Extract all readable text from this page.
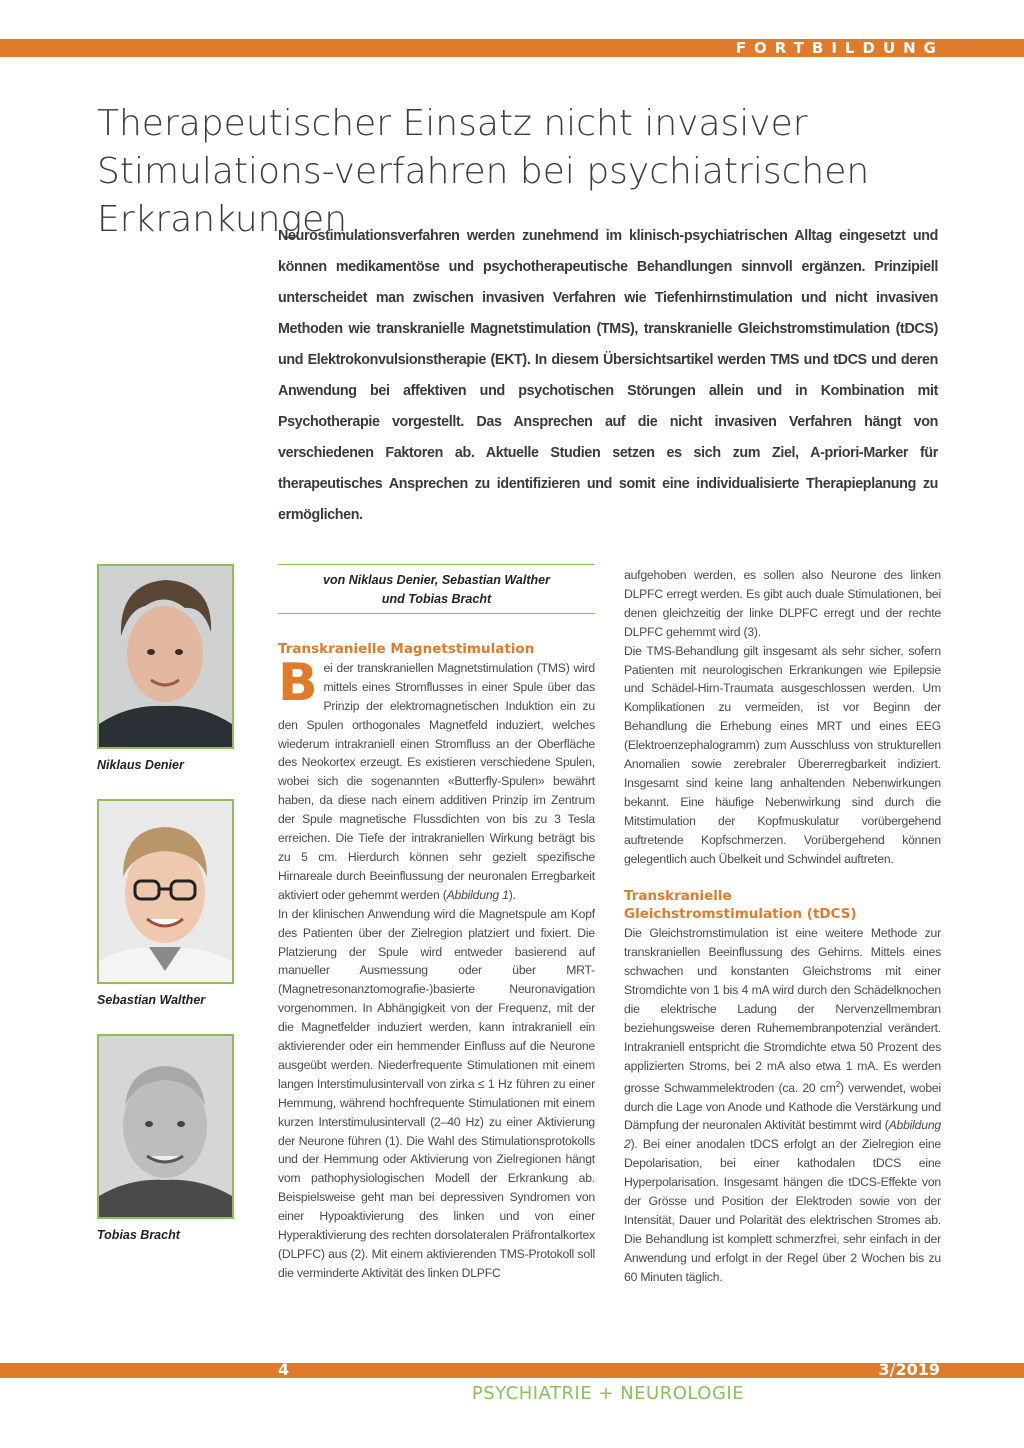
FORTBILDUNG
Therapeutischer Einsatz nicht invasiver Stimulations-verfahren bei psychiatrischen Erkrankungen

Neurostimulationsverfahren werden zunehmend im klinisch-psychiatrischen Alltag eingesetzt und können medikamentöse und psychotherapeutische Behandlungen sinnvoll ergänzen. Prinzipiell unterscheidet man zwischen invasiven Verfahren wie Tiefenhirnstimulation und nicht invasiven Methoden wie transkranielle Magnetstimulation (TMS), transkranielle Gleichstromstimulation (tDCS) und Elektrokonvulsionstherapie (EKT). In diesem Übersichtsartikel werden TMS und tDCS und deren Anwendung bei affektiven und psychotischen Störungen allein und in Kombination mit Psychotherapie vorgestellt. Das Ansprechen auf die nicht invasiven Verfahren hängt von verschiedenen Faktoren ab. Aktuelle Studien setzen es sich zum Ziel, A-priori-Marker für therapeutisches Ansprechen zu identifizieren und somit eine individualisierte Therapieplanung zu ermöglichen.

Niklaus Denier
Sebastian Walther
Tobias Bracht
von Niklaus Denier, Sebastian Walther
und Tobias Bracht
Transkranielle Magnetstimulation

Bei der transkraniellen Magnetstimulation (TMS) wird mittels eines Stromflusses in einer Spule über das Prinzip der elektromagnetischen Induktion ein zu den Spulen orthogonales Magnetfeld induziert, welches wiederum intrakraniell einen Stromfluss an der Oberfläche des Neokortex erzeugt. Es existieren verschiedene Spulen, wobei sich die sogenannten «Butterfly-Spulen» bewährt haben, da diese nach einem additiven Prinzip im Zentrum der Spule magnetische Flussdichten von bis zu 3 Tesla erreichen. Die Tiefe der intrakraniellen Wirkung beträgt bis zu 5 cm. Hierdurch können sehr gezielt spezifische Hirnareale durch Beeinflussung der neuronalen Erregbarkeit aktiviert oder gehemmt werden (Abbildung 1).

In der klinischen Anwendung wird die Magnetspule am Kopf des Patienten über der Zielregion platziert und fixiert. Die Platzierung der Spule wird entweder basierend auf manueller Ausmessung oder über MRT-(Magnetresonanztomografie-)basierte Neuronavigation vorgenommen. In Abhängigkeit von der Frequenz, mit der die Magnetfelder induziert werden, kann intrakraniell ein aktivierender oder ein hemmender Einfluss auf die Neurone ausgeübt werden. Niederfrequente Stimulationen mit einem langen Interstimulusintervall von zirka ≤ 1 Hz führen zu einer Hemmung, während hochfrequente Stimulationen mit einem kurzen Interstimulusintervall (2–40 Hz) zu einer Aktivierung der Neurone führen (1). Die Wahl des Stimulationsprotokolls und der Hemmung oder Aktivierung von Zielregionen hängt vom pathophysiologischen Modell der Erkrankung ab. Beispielsweise geht man bei depressiven Syndromen von einer Hypoaktivierung des linken und von einer Hyperaktivierung des rechten dorsolateralen Präfrontalkortex (DLPFC) aus (2). Mit einem aktivierenden TMS-Protokoll soll die verminderte Aktivität des linken DLPFC

aufgehoben werden, es sollen also Neurone des linken DLPFC erregt werden. Es gibt auch duale Stimulationen, bei denen gleichzeitig der linke DLPFC erregt und der rechte DLPFC gehemmt wird (3).

Die TMS-Behandlung gilt insgesamt als sehr sicher, sofern Patienten mit neurologischen Erkrankungen wie Epilepsie und Schädel-Hirn-Traumata ausgeschlossen werden. Um Komplikationen zu vermeiden, ist vor Beginn der Behandlung die Erhebung eines MRT und eines EEG (Elektroenzephalogramm) zum Ausschluss von strukturellen Anomalien sowie zerebraler Übererregbarkeit indiziert. Insgesamt sind keine lang anhaltenden Nebenwirkungen bekannt. Eine häufige Nebenwirkung sind durch die Mitstimulation der Kopfmuskulatur vorübergehend auftretende Kopfschmerzen. Vorübergehend können gelegentlich auch Übelkeit und Schwindel auftreten.

Transkranielle
Gleichstromstimulation (tDCS)

Die Gleichstromstimulation ist eine weitere Methode zur transkraniellen Beeinflussung des Gehirns. Mittels eines schwachen und konstanten Gleichstroms mit einer Stromdichte von 1 bis 4 mA wird durch den Schädelknochen die elektrische Ladung der Nervenzellmembran beziehungsweise deren Ruhemembranpotenzial verändert. Intrakraniell entspricht die Stromdichte etwa 50 Prozent des applizierten Stroms, bei 2 mA also etwa 1 mA. Es werden grosse Schwammelektroden (ca. 20 $cm^2$) verwendet, wobei durch die Lage von Anode und Kathode die Verstärkung und Dämpfung der neuronalen Aktivität bestimmt wird (Abbildung 2). Bei einer anodalen tDCS erfolgt an der Zielregion eine Depolarisation, bei einer kathodalen tDCS eine Hyperpolarisation. Insgesamt hängen die tDCS-Effekte von der Grösse und Position der Elektroden sowie von der Intensität, Dauer und Polarität des elektrischen Stromes ab. Die Behandlung ist komplett schmerzfrei, sehr einfach in der Anwendung und erfolgt in der Regel über 2 Wochen bis zu 60 Minuten täglich.

4	3/2019
PSYCHIATRIE + NEUROLOGIE
